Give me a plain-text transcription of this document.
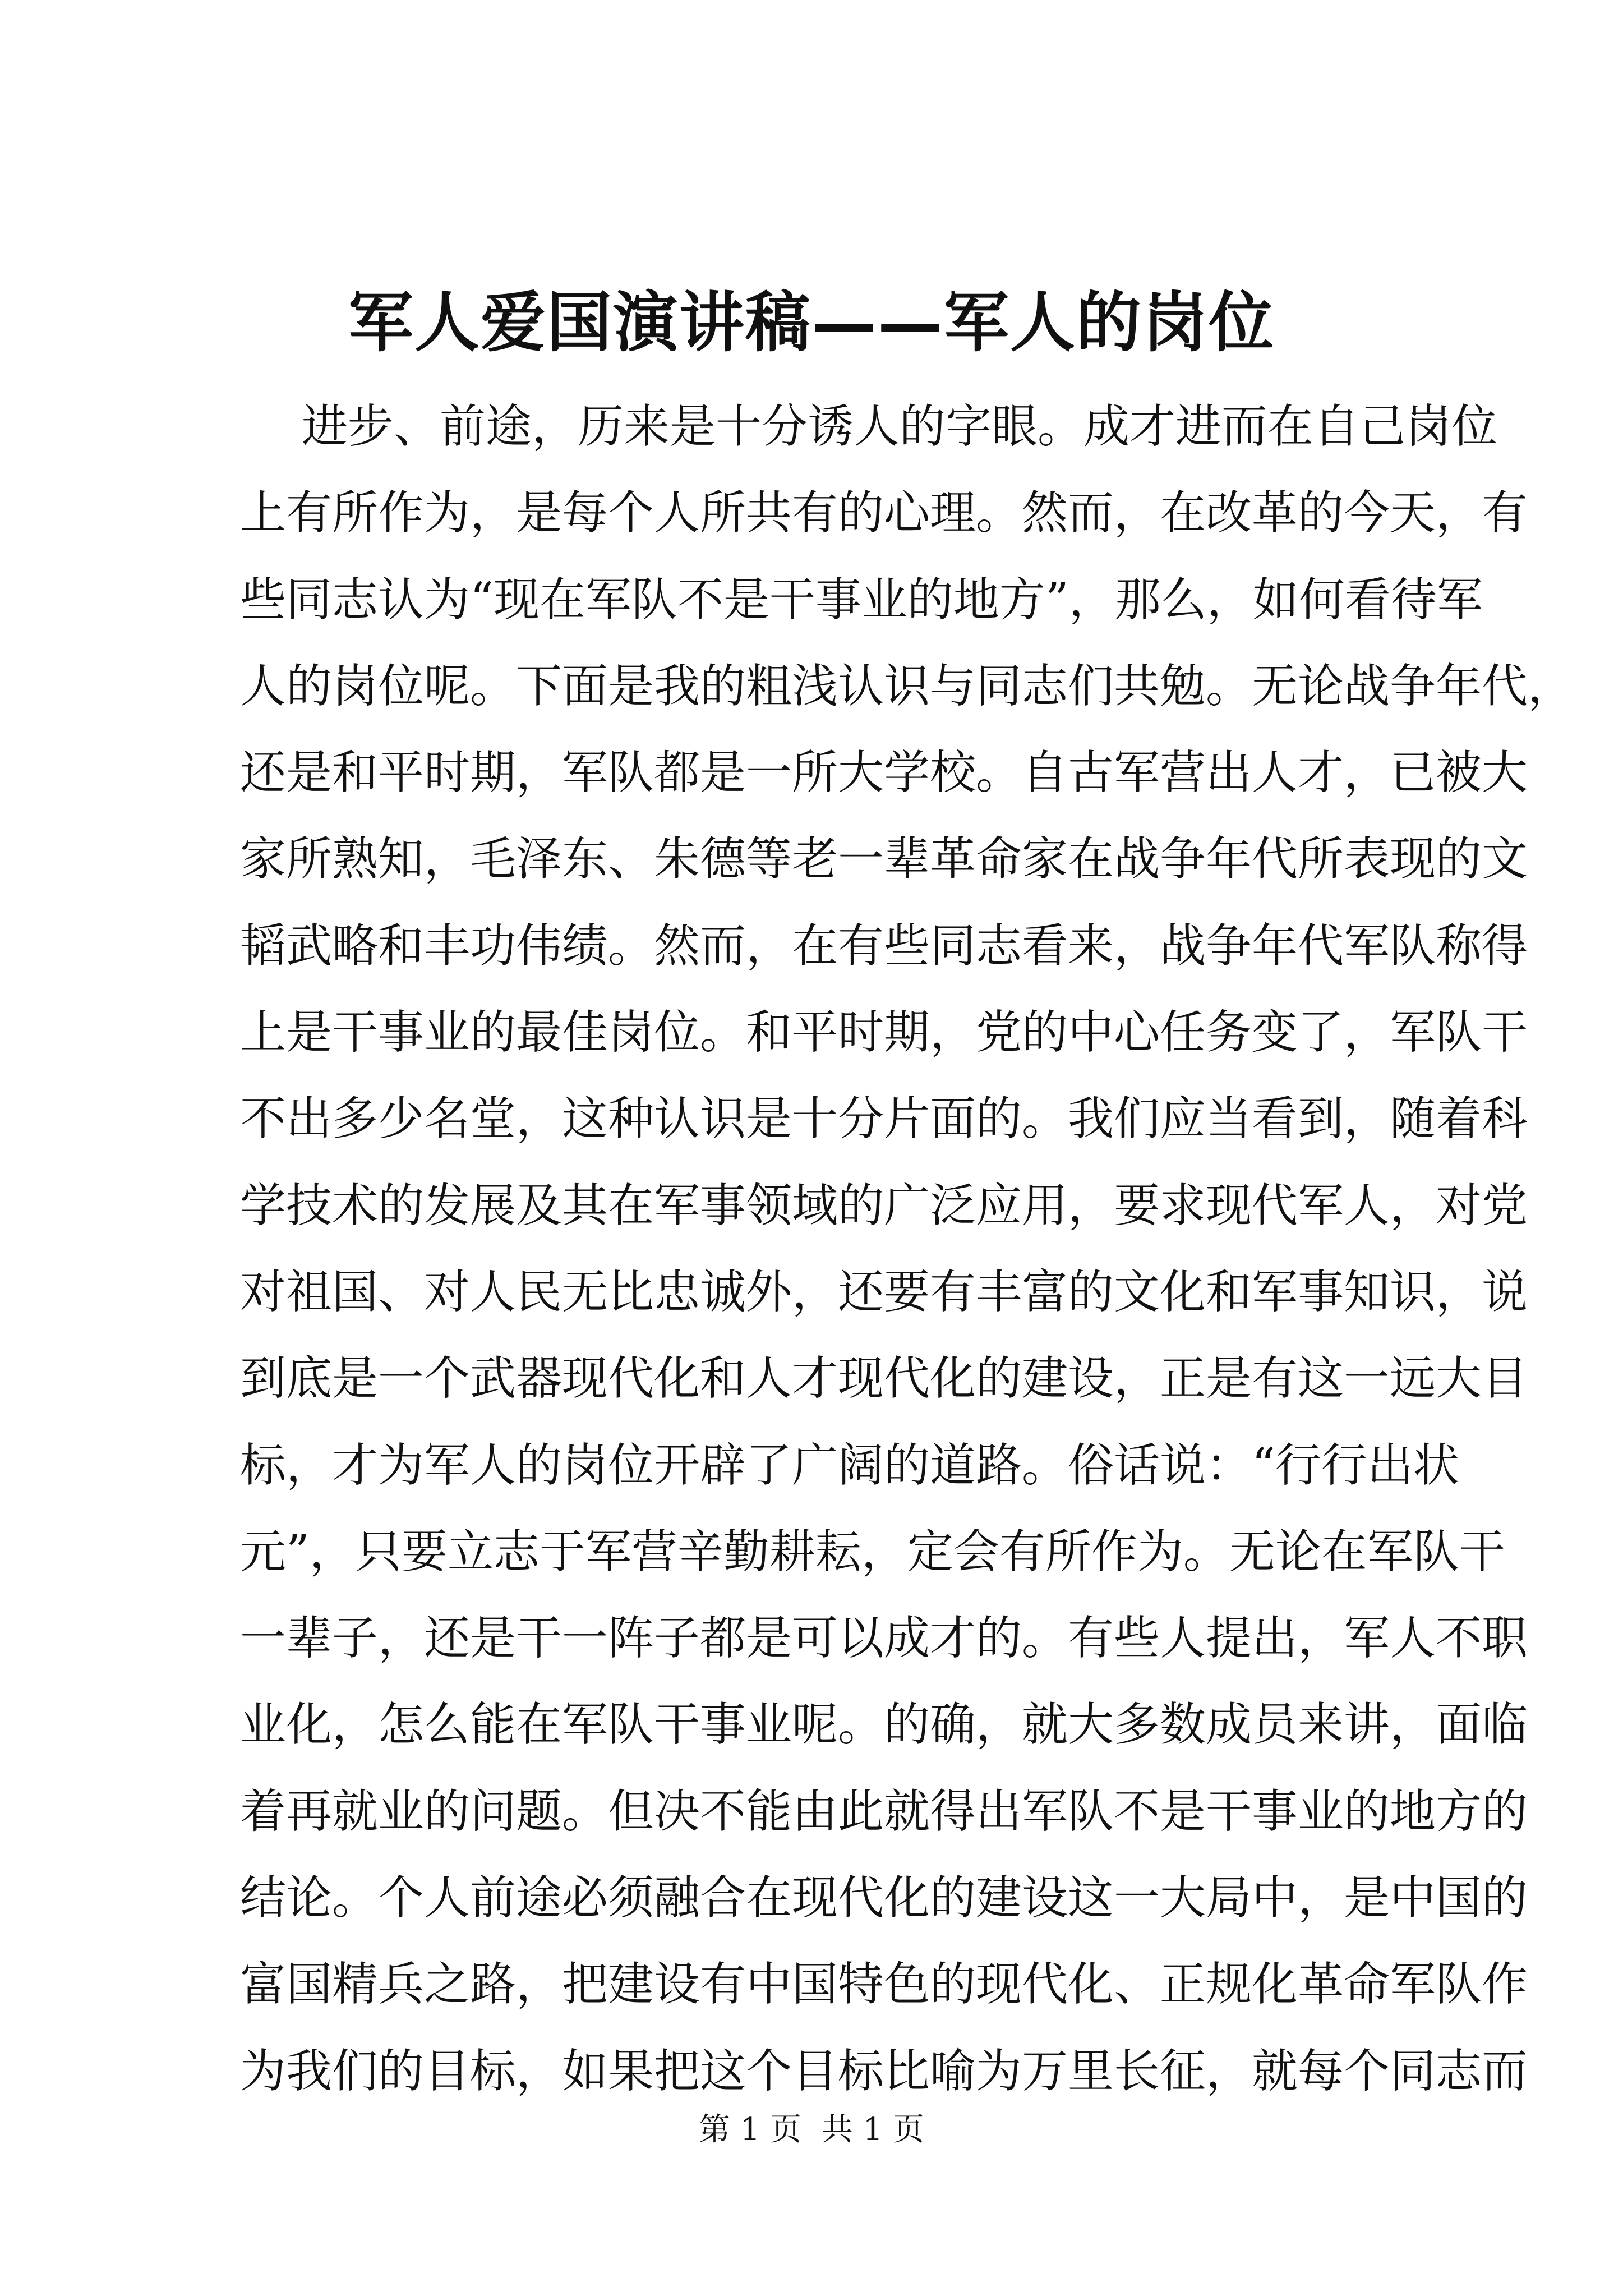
军人爱国演讲稿——军人的岗位
进步、前途，历来是十分诱人的字眼。成才进而在自己岗位
上有所作为，是每个人所共有的心理。然而，在改革的今天，有
些同志认为“现在军队不是干事业的地方”，那么，如何看待军
人的岗位呢。下面是我的粗浅认识与同志们共勉。无论战争年代，
还是和平时期，军队都是一所大学校。自古军营出人才，已被大
家所熟知，毛泽东、朱德等老一辈革命家在战争年代所表现的文
韬武略和丰功伟绩。然而，在有些同志看来，战争年代军队称得
上是干事业的最佳岗位。和平时期，党的中心任务变了，军队干
不出多少名堂，这种认识是十分片面的。我们应当看到，随着科
学技术的发展及其在军事领域的广泛应用，要求现代军人，对党
对祖国、对人民无比忠诚外，还要有丰富的文化和军事知识，说
到底是一个武器现代化和人才现代化的建设，正是有这一远大目
标，才为军人的岗位开辟了广阔的道路。俗话说：“行行出状
元”，只要立志于军营辛勤耕耘，定会有所作为。无论在军队干
一辈子，还是干一阵子都是可以成才的。有些人提出，军人不职
业化，怎么能在军队干事业呢。的确，就大多数成员来讲，面临
着再就业的问题。但决不能由此就得出军队不是干事业的地方的
结论。个人前途必须融合在现代化的建设这一大局中，是中国的
富国精兵之路，把建设有中国特色的现代化、正规化革命军队作
为我们的目标，如果把这个目标比喻为万里长征，就每个同志而
第 1 页  共 1 页
